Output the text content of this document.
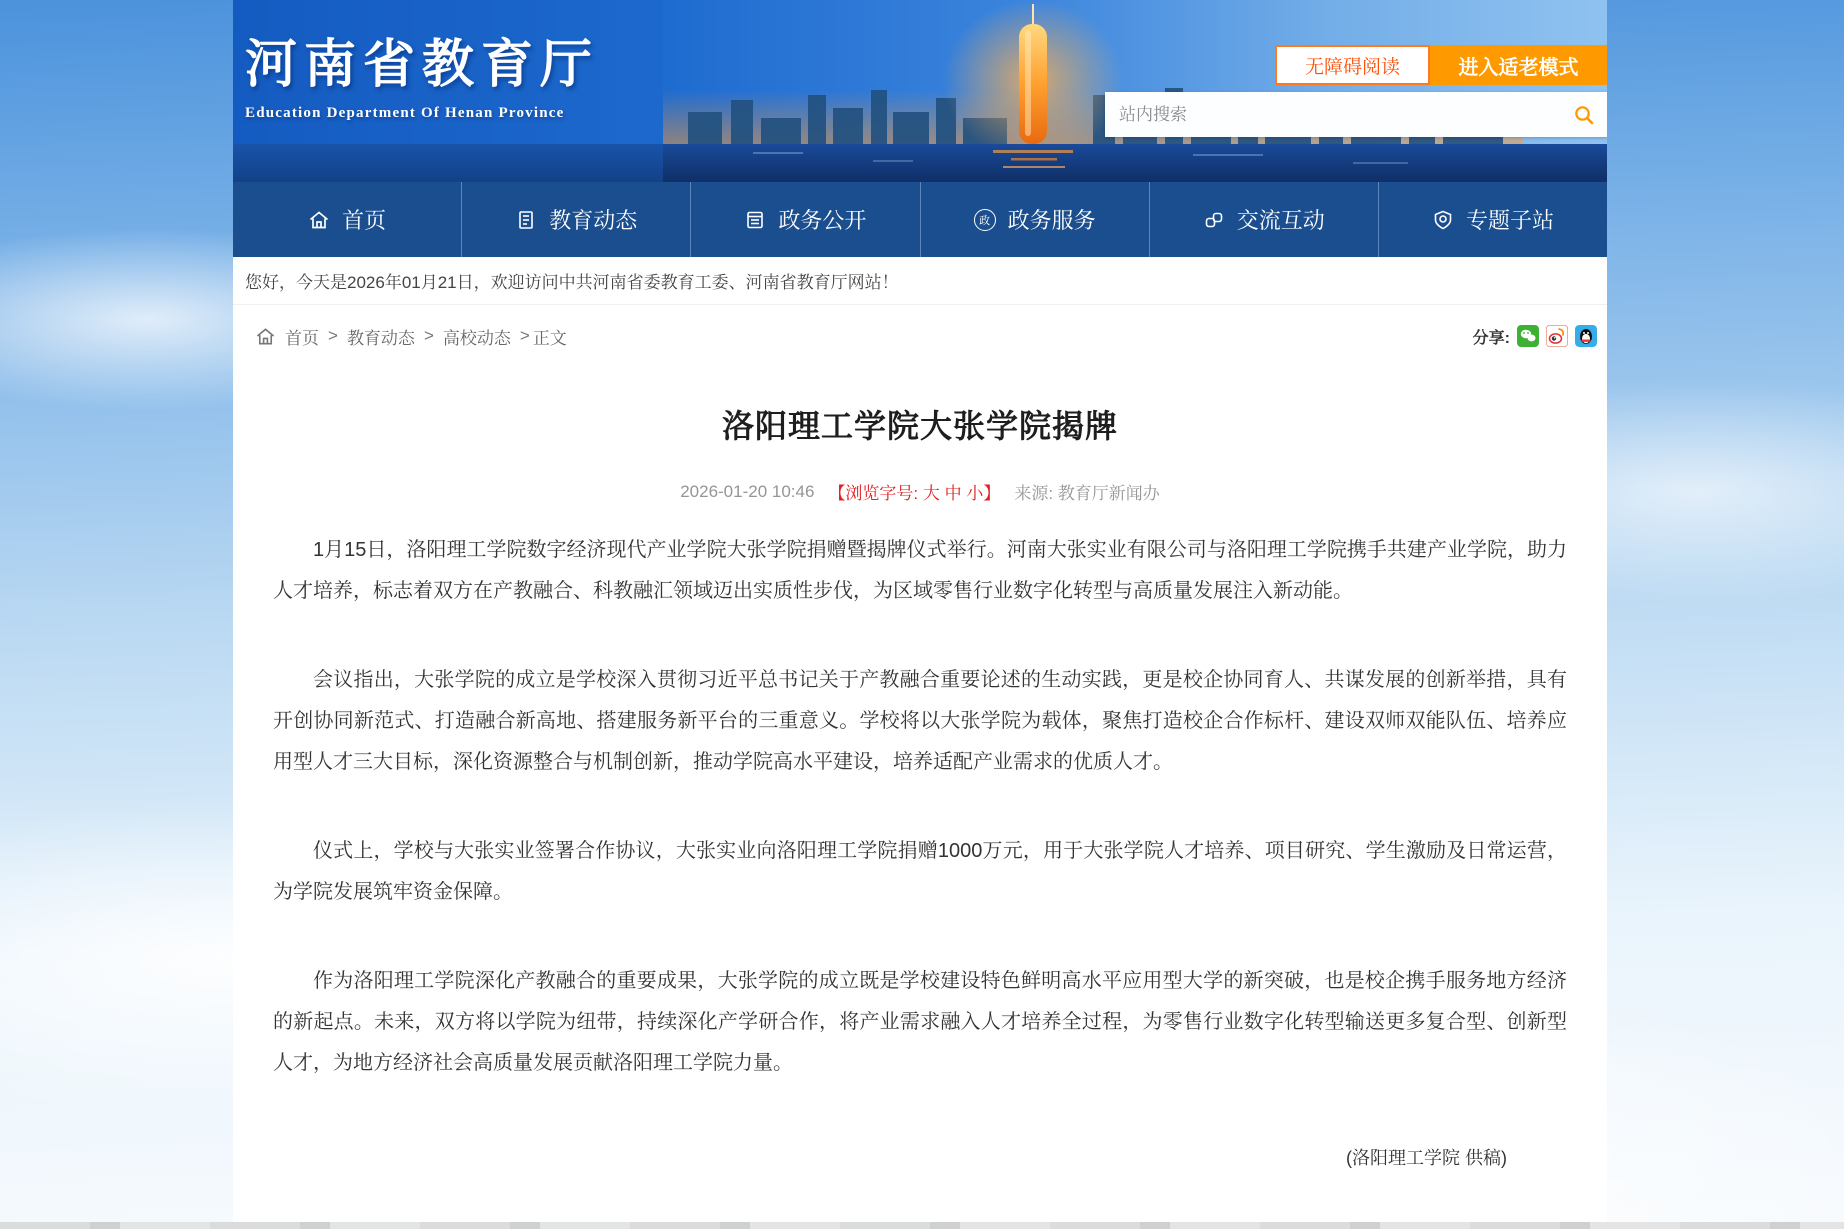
河南省教育厅
Education Department Of Henan Province
无障碍阅读	进入适老模式
站内搜索
首页	教育动态	政务公开	政 政务服务	交流互动	专题子站
您好，今天是2026年01月21日，欢迎访问中共河南省委教育工委、河南省教育厅网站！
首页 > 教育动态 > 高校动态 > 正文	分享:
洛阳理工学院大张学院揭牌
2026-01-20 10:46 【浏览字号: 大 中 小】 来源: 教育厅新闻办

1月15日，洛阳理工学院数字经济现代产业学院大张学院捐赠暨揭牌仪式举行。河南大张实业有限公司与洛阳理工学院携手共建产业学院，助力人才培养，标志着双方在产教融合、科教融汇领域迈出实质性步伐，为区域零售行业数字化转型与高质量发展注入新动能。

会议指出，大张学院的成立是学校深入贯彻习近平总书记关于产教融合重要论述的生动实践，更是校企协同育人、共谋发展的创新举措，具有开创协同新范式、打造融合新高地、搭建服务新平台的三重意义。学校将以大张学院为载体，聚焦打造校企合作标杆、建设双师双能队伍、培养应用型人才三大目标，深化资源整合与机制创新，推动学院高水平建设，培养适配产业需求的优质人才。

仪式上，学校与大张实业签署合作协议，大张实业向洛阳理工学院捐赠1000万元，用于大张学院人才培养、项目研究、学生激励及日常运营，为学院发展筑牢资金保障。

作为洛阳理工学院深化产教融合的重要成果，大张学院的成立既是学校建设特色鲜明高水平应用型大学的新突破，也是校企携手服务地方经济的新起点。未来，双方将以学院为纽带，持续深化产学研合作，将产业需求融入人才培养全过程，为零售行业数字化转型输送更多复合型、创新型人才，为地方经济社会高质量发展贡献洛阳理工学院力量。

(洛阳理工学院 供稿)
